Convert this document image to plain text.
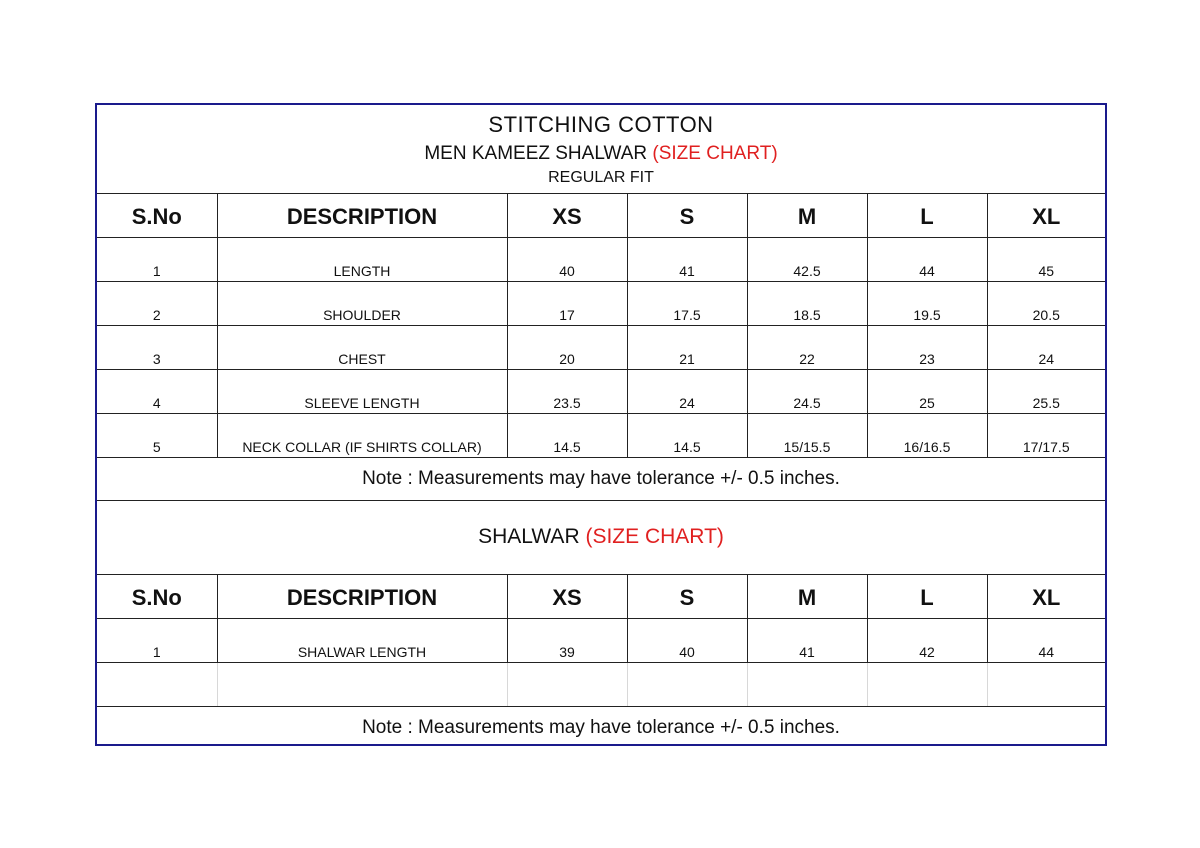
STITCHING COTTON
MEN KAMEEZ SHALWAR (SIZE CHART)
REGULAR FIT						

S.No	DESCRIPTION	XS	S	M	L	XL
1	LENGTH	40	41	42.5	44	45
2	SHOULDER	17	17.5	18.5	19.5	20.5
3	CHEST	20	21	22	23	24
4	SLEEVE LENGTH	23.5	24	24.5	25	25.5
5	NECK COLLAR (IF SHIRTS COLLAR)	14.5	14.5	15/15.5	16/16.5	17/17.5
Note : Measurements may have tolerance +/- 0.5 inches.						
SHALWAR (SIZE CHART)						
S.No	DESCRIPTION	XS	S	M	L	XL
1	SHALWAR LENGTH	39	40	41	42	44

Note : Measurements may have tolerance +/- 0.5 inches.						
